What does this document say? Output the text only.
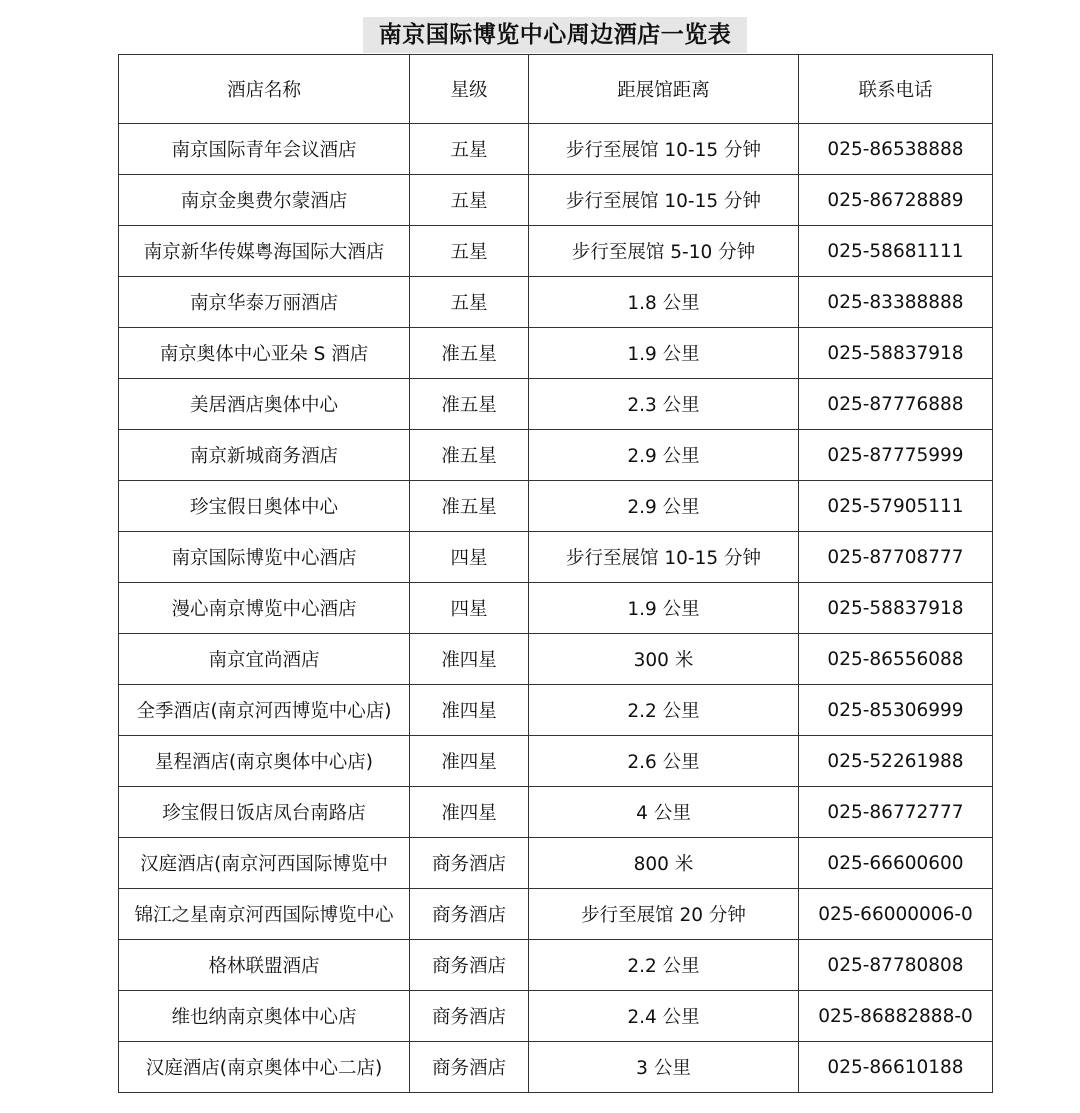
南京国际博览中心周边酒店一览表
酒店名称	星级	距展馆距离	联系电话
南京国际青年会议酒店	五星	步行至展馆 10-15 分钟	025-86538888
南京金奥费尔蒙酒店	五星	步行至展馆 10-15 分钟	025-86728889
南京新华传媒粤海国际大酒店	五星	步行至展馆 5-10 分钟	025-58681111
南京华泰万丽酒店	五星	1.8 公里	025-83388888
南京奥体中心亚朵 S 酒店	准五星	1.9 公里	025-58837918
美居酒店奥体中心	准五星	2.3 公里	025-87776888
南京新城商务酒店	准五星	2.9 公里	025-87775999
珍宝假日奥体中心	准五星	2.9 公里	025-57905111
南京国际博览中心酒店	四星	步行至展馆 10-15 分钟	025-87708777
漫心南京博览中心酒店	四星	1.9 公里	025-58837918
南京宜尚酒店	准四星	300 米	025-86556088
全季酒店(南京河西博览中心店)	准四星	2.2 公里	025-85306999
星程酒店(南京奥体中心店)	准四星	2.6 公里	025-52261988
珍宝假日饭店凤台南路店	准四星	4 公里	025-86772777
汉庭酒店(南京河西国际博览中	商务酒店	800 米	025-66600600
锦江之星南京河西国际博览中心	商务酒店	步行至展馆 20 分钟	025-66000006-0
格林联盟酒店	商务酒店	2.2 公里	025-87780808
维也纳南京奥体中心店	商务酒店	2.4 公里	025-86882888-0
汉庭酒店(南京奥体中心二店)	商务酒店	3 公里	025-86610188
